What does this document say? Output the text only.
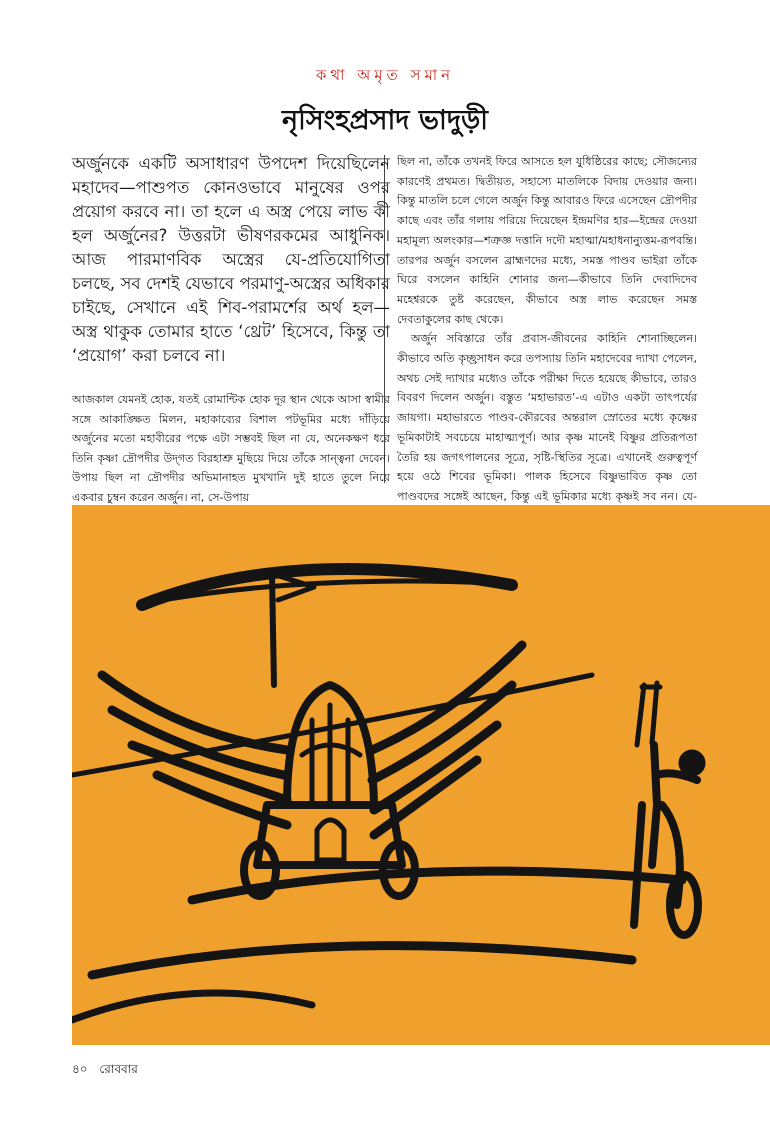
কথা অমৃত সমান
নৃসিংহপ্রসাদ ভাদুড়ী

অর্জুনকে একটি অসাধারণ উপদেশ দিয়েছিলেন মহাদেব—পাশুপত কোনওভাবে মানুষের ওপর প্রয়োগ করবে না। তা হলে এ অস্ত্র পেয়ে লাভ কী হল অর্জুনের? উত্তরটা ভীষণরকমের আধুনিক। আজ পারমাণবিক অস্ত্রের যে-প্রতিযোগিতা চলছে, সব দেশই যেভাবে পরমাণু-অস্ত্রের অধিকার চাইছে, সেখানে এই শিব-পরামর্শের অর্থ হল—অস্ত্র থাকুক তোমার হাতে ‘থ্রেট’ হিসেবে, কিন্তু তা ‘প্রয়োগ’ করা চলবে না।

আজকাল যেমনই হোক, যতই রোমান্টিক হোক দূর স্থান থেকে আসা স্বামীর সঙ্গে আকাঙ্ক্ষিত মিলন, মহাকাব্যের বিশাল পটভূমির মধ্যে দাঁড়িয়ে অর্জুনের মতো মহাবীরের পক্ষে এটা সম্ভবই ছিল না যে, অনেকক্ষণ ধরে তিনি কৃষ্ণা দ্রৌপদীর উদ্‌গত বিরহাশ্রু মুছিয়ে দিয়ে তাঁকে সান্ত্বনা দেবেন। উপায় ছিল না দ্রৌপদীর অভিমানাহত মুখখানি দুই হাতে তুলে নিয়ে একবার চুম্বন করেন অর্জুন। না, সে-উপায়

ছিল না, তাঁকে তখনই ফিরে আসতে হল যুধিষ্ঠিরের কাছে; সৌজন্যের কারণেই প্রথমত। দ্বিতীয়ত, সহাস্যে মাতলিকে বিদায় দেওয়ার জন্য। কিন্তু মাতলি চলে গেলে অর্জুন কিন্তু আবারও ফিরে এসেছেন দ্রৌপদীর কাছে এবং তাঁর গলায় পরিয়ে দিয়েছেন ইন্দ্রমণির হার—ইন্দ্রের দেওয়া মহামূল্য অলংকার—শত্রুজ্ঞ দত্তানি দদৌ মহাত্মা/মহাধনান্যুত্তম-রূপবন্তি। তারপর অর্জুন বসলেন ব্রাহ্মণদের মধ্যে, সমস্ত পাণ্ডব ভাইরা তাঁকে ঘিরে বসলেন কাহিনি শোনার জন্য—কীভাবে তিনি দেবাদিদেব মহেশ্বরকে তুষ্ট করেছেন, কীভাবে অস্ত্র লাভ করেছেন সমস্ত দেবতাকুলের কাছ থেকে।

অর্জুন সবিস্তারে তাঁর প্রবাস-জীবনের কাহিনি শোনাচ্ছিলেন। কীভাবে অতি কৃচ্ছ্রসাধন করে তপস্যায় তিনি মহাদেবের দ্যাখা পেলেন, অথচ সেই দ্যাখার মধ্যেও তাঁকে পরীক্ষা দিতে হয়েছে কীভাবে, তারও বিবরণ দিলেন অর্জুন। বস্তুত ‘মহাভারত’-এ এটাও একটা তাৎপর্যের জায়গা। মহাভারতে পাণ্ডব-কৌরবের অন্তরাল স্রোতের মধ্যে কৃষ্ণের ভূমিকাটাই সবচেয়ে মাহাত্ম্যপূর্ণ। আর কৃষ্ণ মানেই বিষ্ণুর প্রতিরূপতা তৈরি হয় জগৎপালনের সূত্রে, সৃষ্টি-স্থিতির সূত্রে। এখানেই গুরুত্বপূর্ণ হয়ে ওঠে শিবের ভূমিকা। পালক হিসেবে বিষ্ণুভাবিত কৃষ্ণ তো পাণ্ডবদের সঙ্গেই আছেন, কিন্তু এই ভূমিকার মধ্যে কৃষ্ণই সব নন। যে-

৪০ রোববার
